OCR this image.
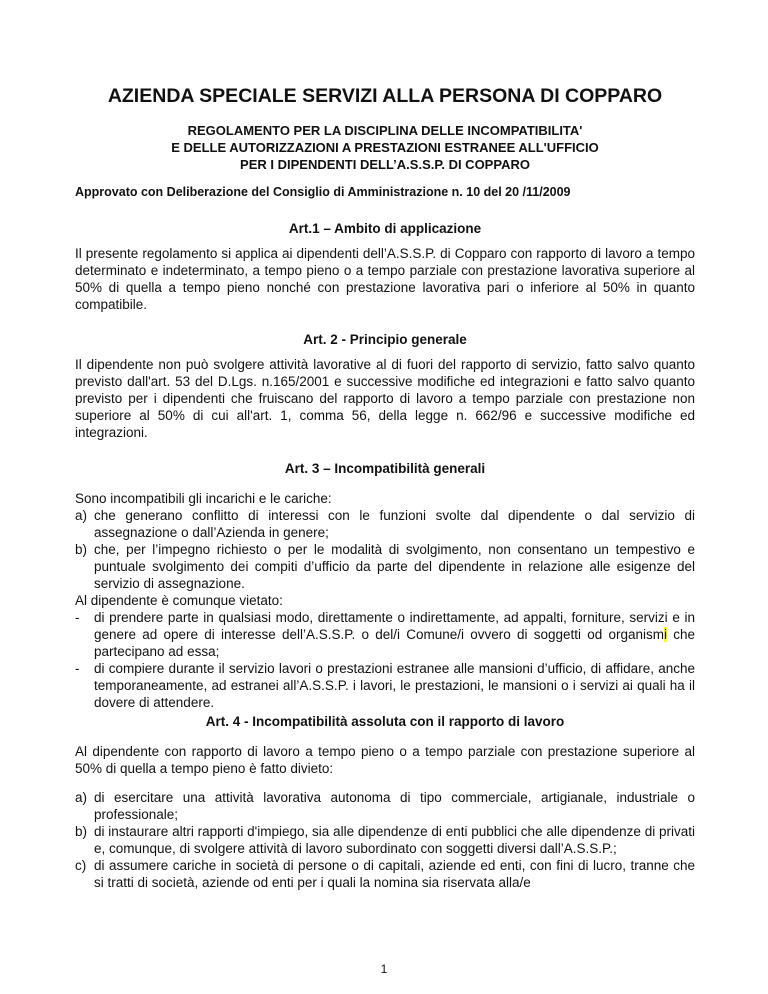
AZIENDA SPECIALE SERVIZI ALLA PERSONA DI COPPARO
REGOLAMENTO PER LA DISCIPLINA DELLE INCOMPATIBILITA'
E DELLE AUTORIZZAZIONI A PRESTAZIONI ESTRANEE ALL'UFFICIO
PER I DIPENDENTI DELL’A.S.S.P. DI COPPARO
Approvato con Deliberazione del Consiglio di Amministrazione n. 10 del 20 /11/2009
Art.1 – Ambito di applicazione
Il presente regolamento si applica ai dipendenti dell’A.S.S.P. di Copparo con rapporto di lavoro a tempo determinato e indeterminato, a tempo pieno o a tempo parziale con prestazione lavorativa superiore al 50% di quella a tempo pieno nonché con prestazione lavorativa pari o inferiore al 50% in quanto compatibile.
Art. 2 - Principio generale
Il dipendente non può svolgere attività lavorative al di fuori del rapporto di servizio, fatto salvo quanto previsto dall'art. 53 del D.Lgs. n.165/2001 e successive modifiche ed integrazioni e fatto salvo quanto previsto per i dipendenti che fruiscano del rapporto di lavoro a tempo parziale con prestazione non superiore al 50% di cui all'art. 1, comma 56, della legge n. 662/96 e successive modifiche ed integrazioni.
Art. 3 – Incompatibilità generali
Sono incompatibili gli incarichi e le cariche:
a) che generano conflitto di interessi con le funzioni svolte dal dipendente o dal servizio di assegnazione o dall’Azienda in genere;
b) che, per l’impegno richiesto o per le modalità di svolgimento, non consentano un tempestivo e puntuale svolgimento dei compiti d’ufficio da parte del dipendente in relazione alle esigenze del servizio di assegnazione.
Al dipendente è comunque vietato:
-	di prendere parte in qualsiasi modo, direttamente o indirettamente, ad appalti, forniture, servizi e in genere ad opere di interesse dell’A.S.S.P. o del/i Comune/i ovvero di soggetti od organismi che partecipano ad essa;
-	di compiere durante il servizio lavori o prestazioni estranee alle mansioni d’ufficio, di affidare, anche temporaneamente, ad estranei all’A.S.S.P. i lavori, le prestazioni, le mansioni o i servizi ai quali ha il dovere di attendere.
Art. 4 - Incompatibilità assoluta con il rapporto di lavoro
Al dipendente con rapporto di lavoro a tempo pieno o a tempo parziale con prestazione superiore al 50% di quella a tempo pieno è fatto divieto:
a) di esercitare una attività lavorativa autonoma di tipo commerciale, artigianale, industriale o professionale;
b) di instaurare altri rapporti d'impiego, sia alle dipendenze di enti pubblici che alle dipendenze di privati e, comunque, di svolgere attività di lavoro subordinato con soggetti diversi dall’A.S.S.P.;
c) di assumere cariche in società di persone o di capitali, aziende ed enti, con fini di lucro, tranne che si tratti di società, aziende od enti per i quali la nomina sia riservata alla/e
1
